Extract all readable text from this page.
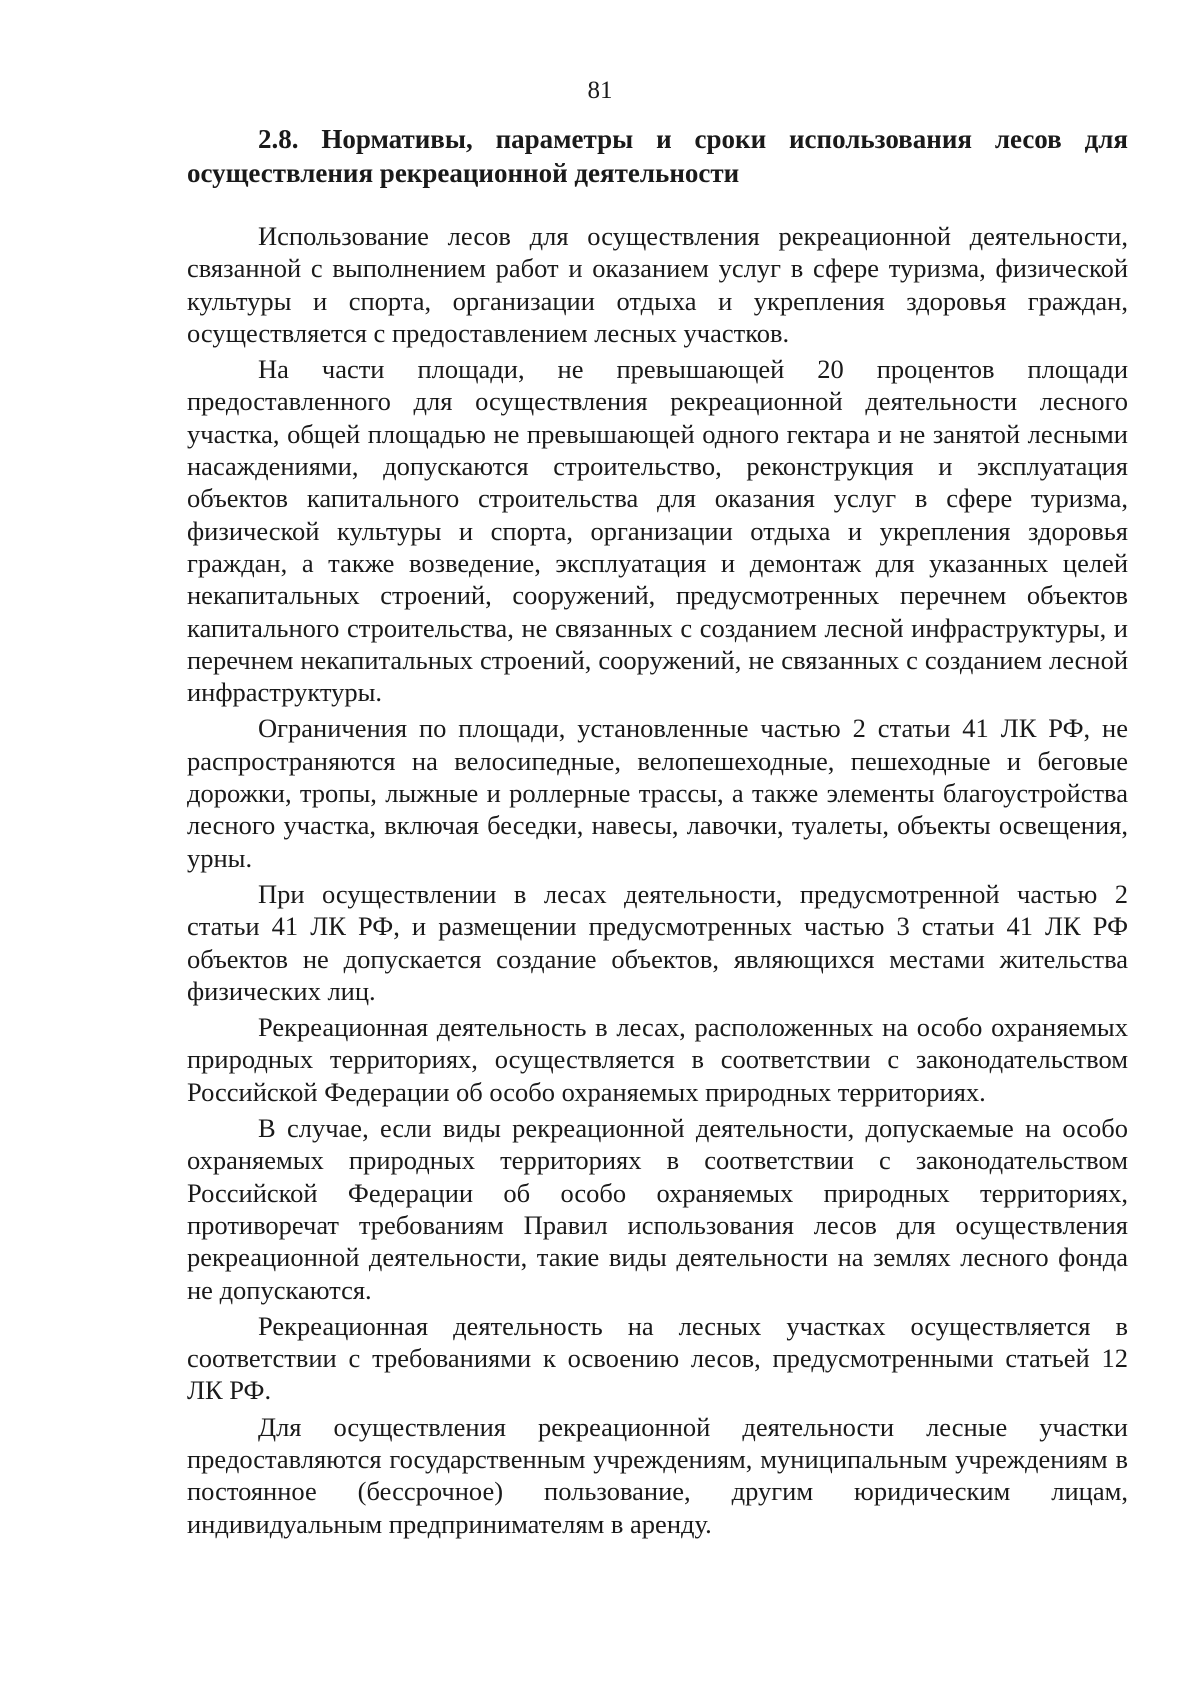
81
2.8. Нормативы, параметры и сроки использования лесов для осуществления рекреационной деятельности

Использование лесов для осуществления рекреационной деятельности, связанной с выполнением работ и оказанием услуг в сфере туризма, физической культуры и спорта, организации отдыха и укрепления здоровья граждан, осуществляется с предоставлением лесных участков.

На части площади, не превышающей 20 процентов площади предоставленного для осуществления рекреационной деятельности лесного участка, общей площадью не превышающей одного гектара и не занятой лесными насаждениями, допускаются строительство, реконструкция и эксплуатация объектов капитального строительства для оказания услуг в сфере туризма, физической культуры и спорта, организации отдыха и укрепления здоровья граждан, а также возведение, эксплуатация и демонтаж для указанных целей некапитальных строений, сооружений, предусмотренных перечнем объектов капитального строительства, не связанных с созданием лесной инфраструктуры, и перечнем некапитальных строений, сооружений, не связанных с созданием лесной инфраструктуры.

Ограничения по площади, установленные частью 2 статьи 41 ЛК РФ, не распространяются на велосипедные, велопешеходные, пешеходные и беговые дорожки, тропы, лыжные и роллерные трассы, а также элементы благоустройства лесного участка, включая беседки, навесы, лавочки, туалеты, объекты освещения, урны.

При осуществлении в лесах деятельности, предусмотренной частью 2 статьи 41 ЛК РФ, и размещении предусмотренных частью 3 статьи 41 ЛК РФ объектов не допускается создание объектов, являющихся местами жительства физических лиц.

Рекреационная деятельность в лесах, расположенных на особо охраняемых природных территориях, осуществляется в соответствии с законодательством Российской Федерации об особо охраняемых природных территориях.

В случае, если виды рекреационной деятельности, допускаемые на особо охраняемых природных территориях в соответствии с законодательством Российской Федерации об особо охраняемых природных территориях, противоречат требованиям Правил использования лесов для осуществления рекреационной деятельности, такие виды деятельности на землях лесного фонда не допускаются.

Рекреационная деятельность на лесных участках осуществляется в соответствии с требованиями к освоению лесов, предусмотренными статьей 12 ЛК РФ.

Для осуществления рекреационной деятельности лесные участки предоставляются государственным учреждениям, муниципальным учреждениям в постоянное (бессрочное) пользование, другим юридическим лицам, индивидуальным предпринимателям в аренду.
